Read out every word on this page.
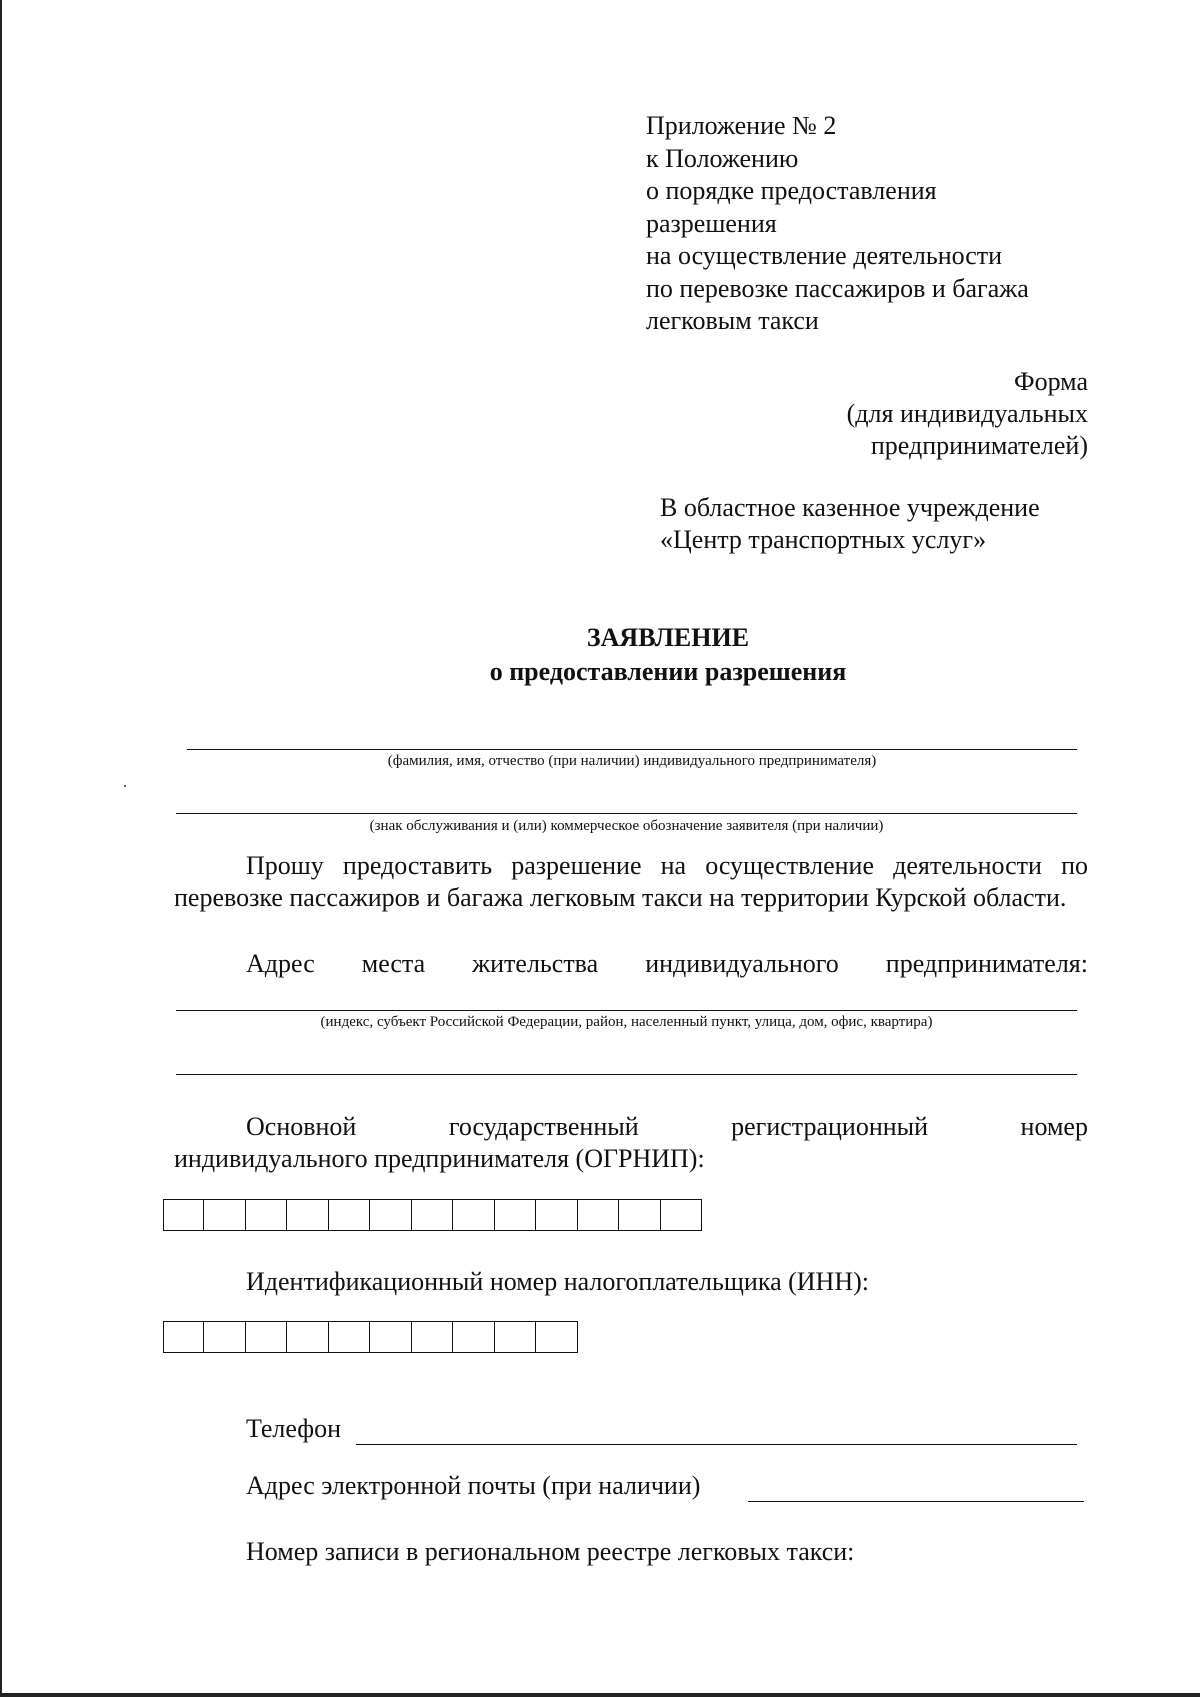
Приложение № 2
к Положению
о порядке предоставления
разрешения
на осуществление деятельности
по перевозке пассажиров и багажа
легковым такси
Форма
(для индивидуальных
предпринимателей)
В областное казенное учреждение
«Центр транспортных услуг»
ЗАЯВЛЕНИЕ
о предоставлении разрешения
(фамилия, имя, отчество (при наличии) индивидуального предпринимателя)
(знак обслуживания и (или) коммерческое обозначение заявителя (при наличии)
Прошу предоставить разрешение на осуществление деятельности по перевозке пассажиров и багажа легковым такси на территории Курской области.
Адрес места жительства индивидуального предпринимателя:
(индекс, субъект Российской Федерации, район, населенный пункт, улица, дом, офис, квартира)
Основной	государственный	регистрационный	номер
индивидуального предпринимателя (ОГРНИП):
Идентификационный номер налогоплательщика (ИНН):
Телефон
Адрес электронной почты (при наличии)
Номер записи в региональном реестре легковых такси:
